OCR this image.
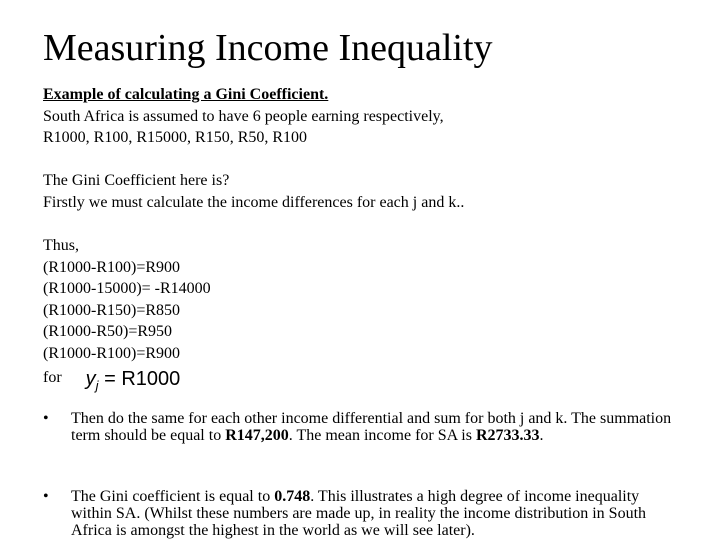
Measuring Income Inequality
Example of calculating a Gini Coefficient.
South Africa is assumed to have 6 people earning respectively,
R1000, R100, R15000, R150, R50, R100
The Gini Coefficient here is?
Firstly we must calculate the income differences for each j and k..
Thus,
(R1000-R100)=R900
(R1000-15000)= -R14000
(R1000-R150)=R850
(R1000-R50)=R950
(R1000-R100)=R900
for $y_j = R1000$
•	Then do the same for each other income differential and sum for both j and k. The summation term should be equal to R147,200. The mean income for SA is R2733.33.
•	The Gini coefficient is equal to 0.748. This illustrates a high degree of income inequality within SA. (Whilst these numbers are made up, in reality the income distribution in South Africa is amongst the highest in the world as we will see later).
